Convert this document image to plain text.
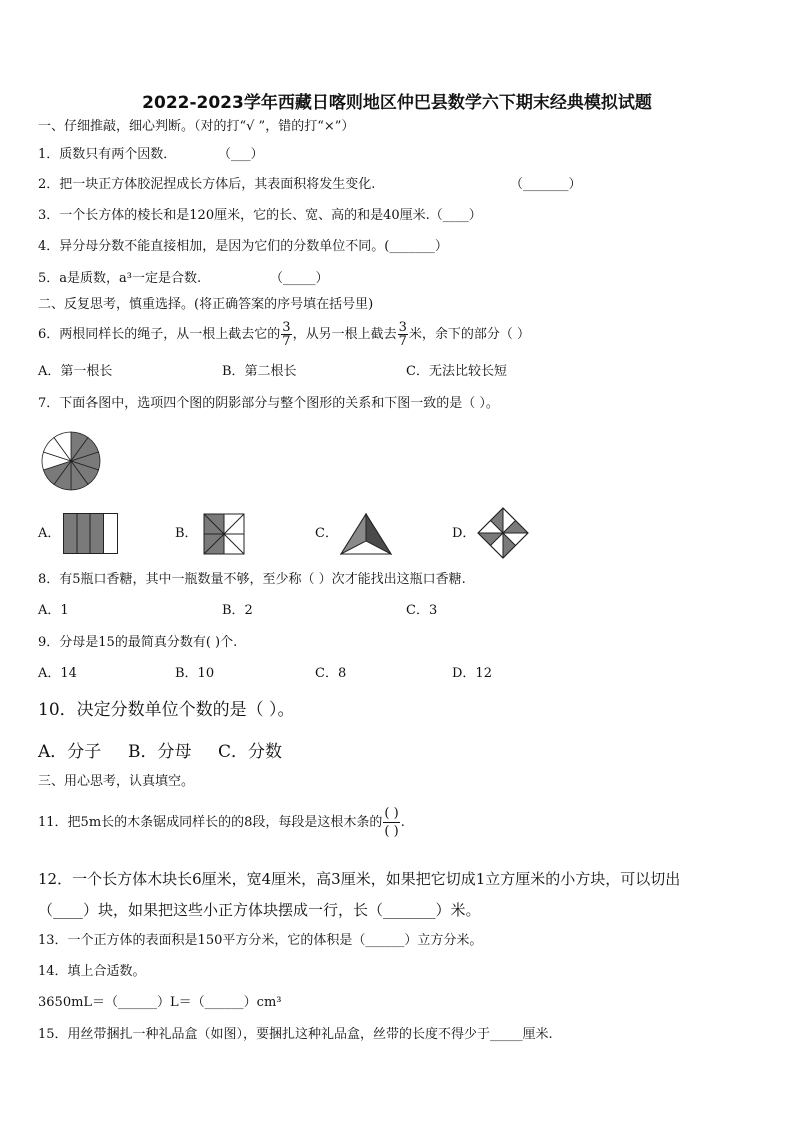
2022-2023学年西藏日喀则地区仲巴县数学六下期末经典模拟试题
一、仔细推敲，细心判断。（对的打“√ ”，错的打“×”）
1．质数只有两个因数．	（___）
2．把一块正方体胶泥捏成长方体后，其表面积将发生变化.	（_______）
3．一个长方体的棱长和是120厘米，它的长、宽、高的和是40厘米.（____）
4．异分母分数不能直接相加，是因为它们的分数单位不同。(_______）
5．a是质数，a³一定是合数.	（_____）
二、反复思考，慎重选择。(将正确答案的序号填在括号里)
6．两根同样长的绳子，从一根上截去它的 $\frac{3}{7}$ ，从另一根上截去 $\frac{3}{7}$ 米，余下的部分（ ）
A．第一根长	B．第二根长	C．无法比较长短
7．下面各图中，选项四个图的阴影部分与整个图形的关系和下图一致的是（ ）。
A．	B．	C．	D．
8．有5瓶口香糖，其中一瓶数量不够，至少称（ ）次才能找出这瓶口香糖.
A．1	B．2	C．3
9．分母是15的最简真分数有( )个.
A．14	B．10	C．8	D．12
10．决定分数单位个数的是（ ）。
A．分子 B．分母 C．分数
三、用心思考，认真填空。
11．把5m长的木条锯成同样长的的8段，每段是这根木条的 $\frac{( )}{( )}$ .
12．一个长方体木块长6厘米，宽4厘米，高3厘米，如果把它切成1立方厘米的小方块，可以切出
（____）块，如果把这些小正方体块摆成一行，长（_______）米。
13．一个正方体的表面积是150平方分米，它的体积是（______）立方分米。
14．填上合适数。
3650mL＝（______）L＝（______）cm³
15．用丝带捆扎一种礼品盒（如图），要捆扎这种礼品盒，丝带的长度不得少于_____厘米.
